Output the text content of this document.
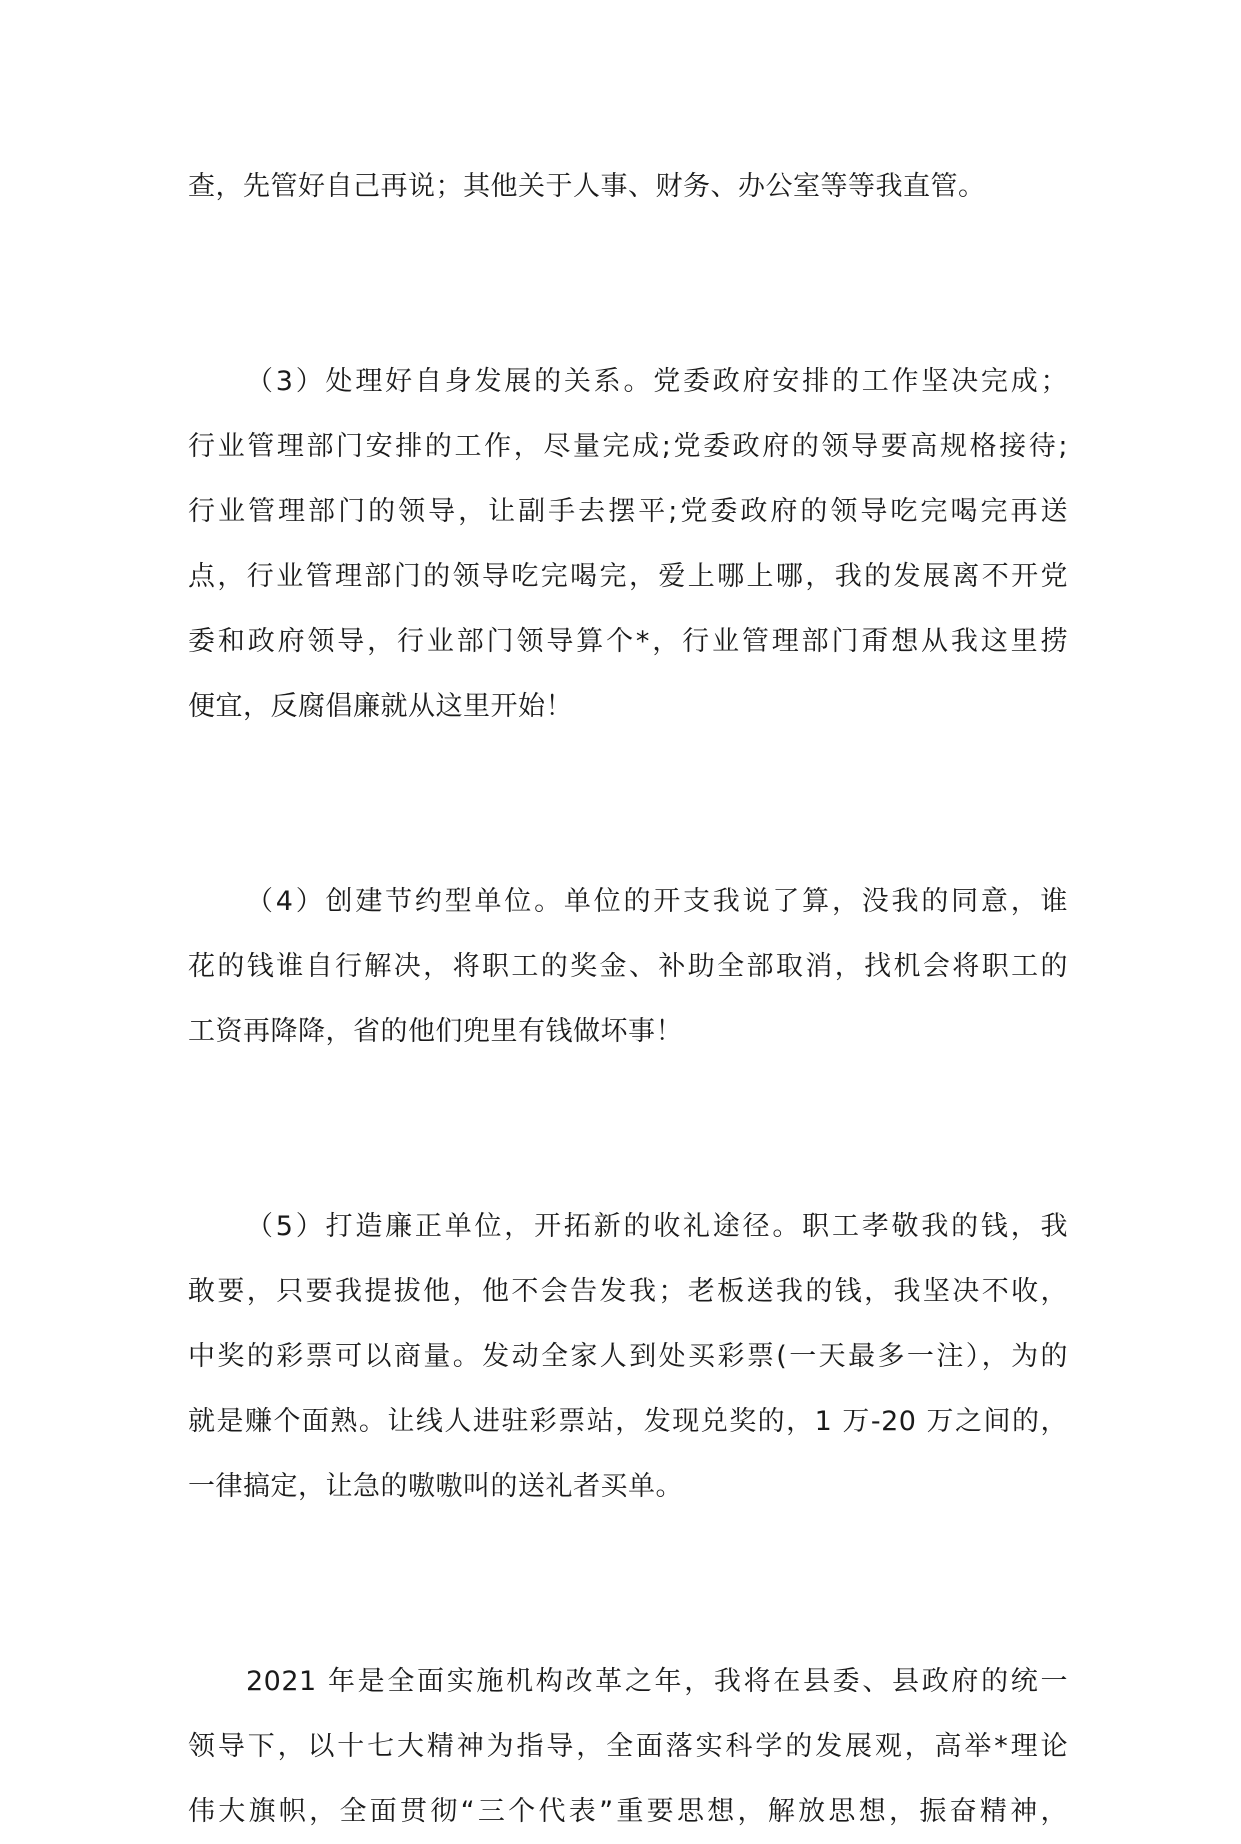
查，先管好自己再说；其他关于人事、财务、办公室等等我直管。
（3）处理好自身发展的关系。党委政府安排的工作坚决完成；
行业管理部门安排的工作，尽量完成;党委政府的领导要高规格接待;
行业管理部门的领导，让副手去摆平;党委政府的领导吃完喝完再送
点，行业管理部门的领导吃完喝完，爱上哪上哪，我的发展离不开党
委和政府领导，行业部门领导算个*，行业管理部门甭想从我这里捞
便宜，反腐倡廉就从这里开始！
（4）创建节约型单位。单位的开支我说了算，没我的同意，谁
花的钱谁自行解决，将职工的奖金、补助全部取消，找机会将职工的
工资再降降，省的他们兜里有钱做坏事！
（5）打造廉正单位，开拓新的收礼途径。职工孝敬我的钱，我
敢要，只要我提拔他，他不会告发我；老板送我的钱，我坚决不收，
中奖的彩票可以商量。发动全家人到处买彩票(一天最多一注），为的
就是赚个面熟。让线人进驻彩票站，发现兑奖的，1 万-20 万之间的，
一律搞定，让急的嗷嗷叫的送礼者买单。
2021 年是全面实施机构改革之年，我将在县委、县政府的统一
领导下，以十七大精神为指导，全面落实科学的发展观，高举*理论
伟大旗帜，全面贯彻“三个代表”重要思想，解放思想，振奋精神，
